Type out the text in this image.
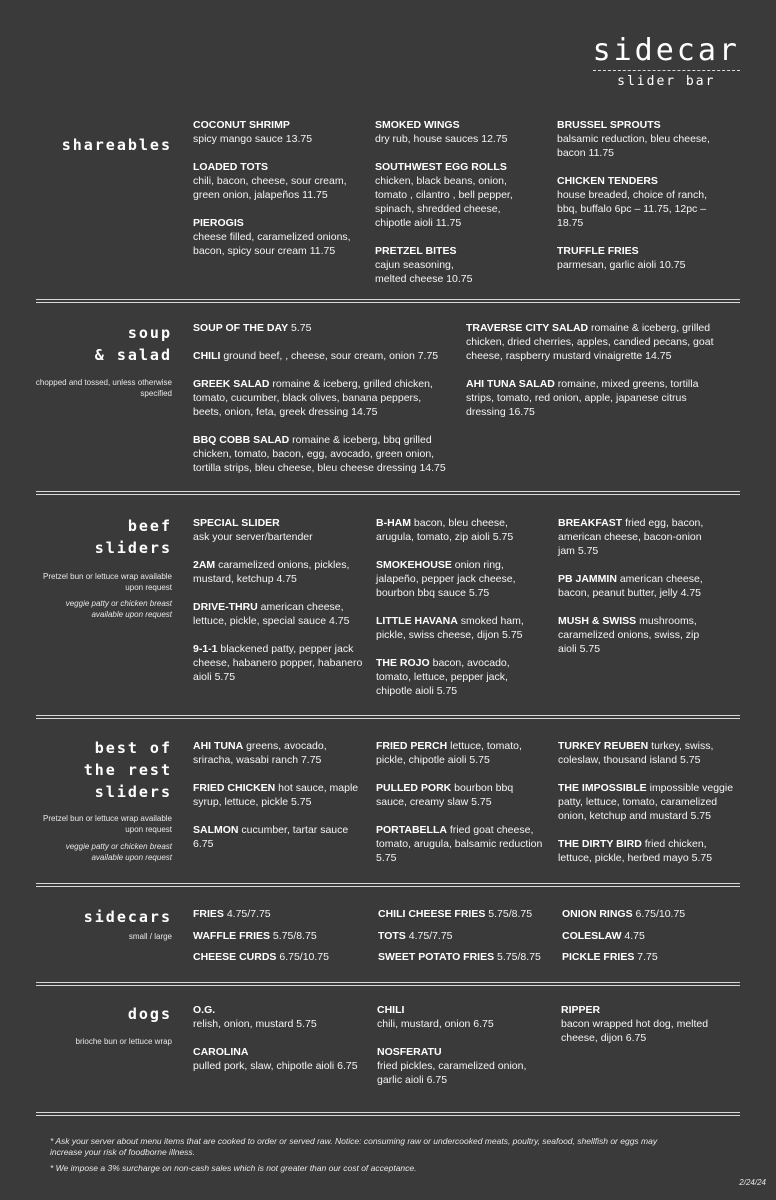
sidecar
slider bar
shareables
COCONUT SHRIMP
spicy mango sauce 13.75
LOADED TOTS
chili, bacon, cheese, sour cream, green onion, jalapeños 11.75
PIEROGIS
cheese filled, caramelized onions, bacon, spicy sour cream 11.75
SMOKED WINGS
dry rub, house sauces 12.75
SOUTHWEST EGG ROLLS
chicken, black beans, onion, tomato , cilantro , bell pepper, spinach, shredded cheese, chipotle aioli 11.75
PRETZEL BITES
cajun seasoning, melted cheese 10.75
BRUSSEL SPROUTS
balsamic reduction, bleu cheese, bacon 11.75
CHICKEN TENDERS
house breaded, choice of ranch, bbq, buffalo 6pc – 11.75, 12pc – 18.75
TRUFFLE FRIES
parmesan, garlic aioli 10.75
soup
& salad
chopped and tossed, unless otherwise specified
SOUP OF THE DAY 5.75
CHILI ground beef, , cheese, sour cream, onion 7.75
GREEK SALAD romaine & iceberg, grilled chicken, tomato, cucumber, black olives, banana peppers, beets, onion, feta, greek dressing 14.75
BBQ COBB SALAD romaine & iceberg, bbq grilled chicken, tomato, bacon, egg, avocado, green onion, tortilla strips, bleu cheese, bleu cheese dressing 14.75
TRAVERSE CITY SALAD romaine & iceberg, grilled chicken, dried cherries, apples, candied pecans, goat cheese, raspberry mustard vinaigrette 14.75
AHI TUNA SALAD romaine, mixed greens, tortilla strips, tomato, red onion, apple, japanese citrus dressing 16.75
beef
sliders
Pretzel bun or lettuce wrap available upon request
veggie patty or chicken breast available upon request
SPECIAL SLIDER
ask your server/bartender
2AM caramelized onions, pickles, mustard, ketchup 4.75
DRIVE-THRU american cheese, lettuce, pickle, special sauce 4.75
9-1-1 blackened patty, pepper jack cheese, habanero popper, habanero aioli 5.75
B-HAM bacon, bleu cheese, arugula, tomato, zip aioli 5.75
SMOKEHOUSE onion ring, jalapeño, pepper jack cheese, bourbon bbq sauce 5.75
LITTLE HAVANA smoked ham, pickle, swiss cheese, dijon 5.75
THE ROJO bacon, avocado, tomato, lettuce, pepper jack, chipotle aioli 5.75
BREAKFAST fried egg, bacon, american cheese, bacon-onion jam 5.75
PB JAMMIN american cheese, bacon, peanut butter, jelly 4.75
MUSH & SWISS mushrooms, caramelized onions, swiss, zip aioli 5.75
best of
the rest
sliders
Pretzel bun or lettuce wrap available upon request
veggie patty or chicken breast available upon request
AHI TUNA greens, avocado, sriracha, wasabi ranch 7.75
FRIED CHICKEN hot sauce, maple syrup, lettuce, pickle 5.75
SALMON cucumber, tartar sauce 6.75
FRIED PERCH lettuce, tomato, pickle, chipotle aioli 5.75
PULLED PORK bourbon bbq sauce, creamy slaw 5.75
PORTABELLA fried goat cheese, tomato, arugula, balsamic reduction 5.75
TURKEY REUBEN turkey, swiss, coleslaw, thousand island 5.75
THE IMPOSSIBLE impossible veggie patty, lettuce, tomato, caramelized onion, ketchup and mustard 5.75
THE DIRTY BIRD fried chicken, lettuce, pickle, herbed mayo 5.75
sidecars
small / large
FRIES 4.75/7.75
WAFFLE FRIES 5.75/8.75
CHEESE CURDS 6.75/10.75
CHILI CHEESE FRIES 5.75/8.75
TOTS 4.75/7.75
SWEET POTATO FRIES 5.75/8.75
ONION RINGS 6.75/10.75
COLESLAW 4.75
PICKLE FRIES 7.75
dogs
brioche bun or lettuce wrap
O.G.
relish, onion, mustard 5.75
CAROLINA
pulled pork, slaw, chipotle aioli 6.75
CHILI
chili, mustard, onion 6.75
NOSFERATU
fried pickles, caramelized onion, garlic aioli 6.75
RIPPER
bacon wrapped hot dog, melted cheese, dijon 6.75
* Ask your server about menu items that are cooked to order or served raw. Notice: consuming raw or undercooked meats, poultry, seafood, shellfish or eggs may increase your risk of foodborne illness.
* We impose a 3% surcharge on non-cash sales which is not greater than our cost of acceptance.
2/24/24
